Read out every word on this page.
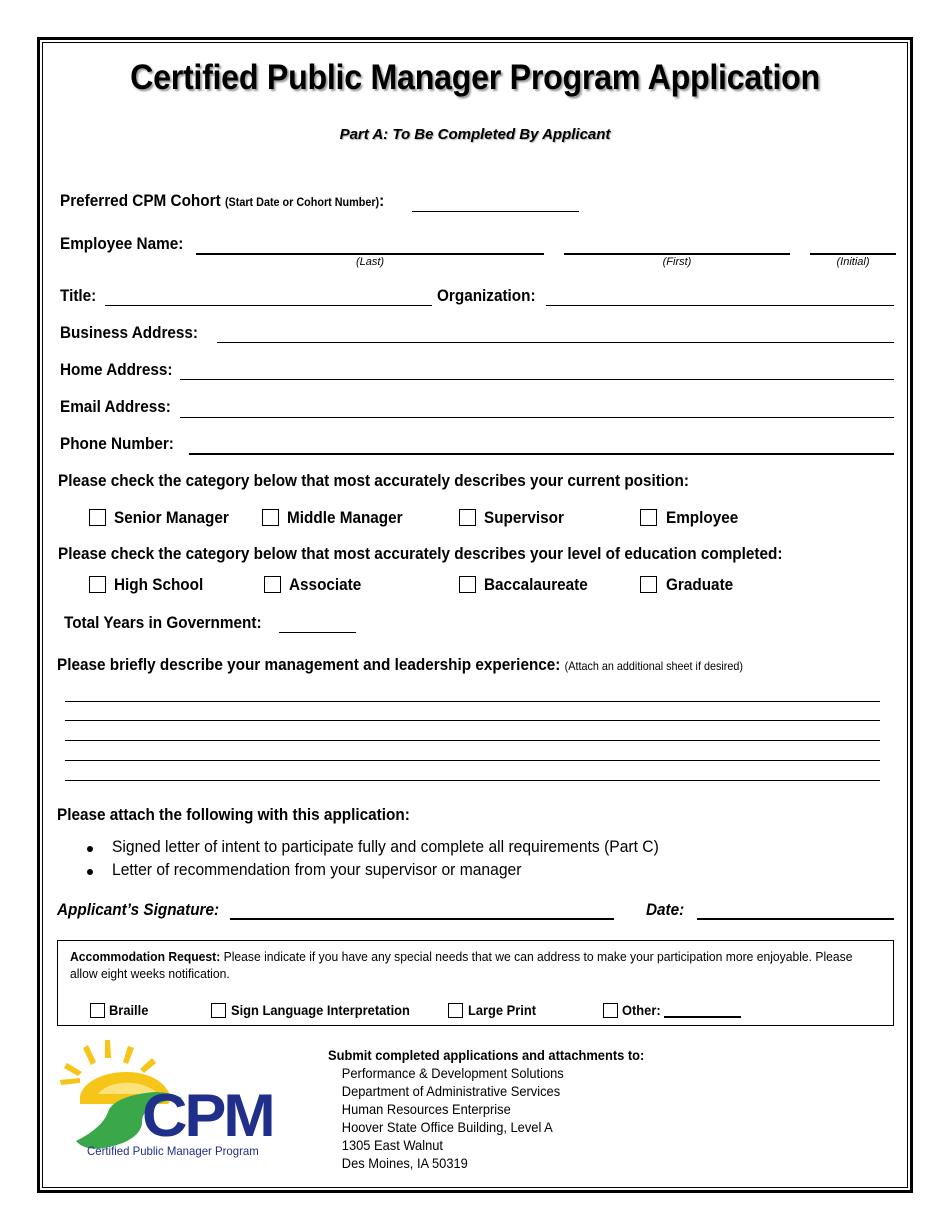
Certified Public Manager Program Application
Part A: To Be Completed By Applicant
Preferred CPM Cohort (Start Date or Cohort Number):
Employee Name:
(Last)	(First)	(Initial)
Title:	Organization:
Business Address:
Home Address:
Email Address:
Phone Number:
Please check the category below that most accurately describes your current position:
Senior Manager	Middle Manager	Supervisor	Employee
Please check the category below that most accurately describes your level of education completed:
High School	Associate	Baccalaureate	Graduate
Total Years in Government:
Please briefly describe your management and leadership experience: (Attach an additional sheet if desired)
Please attach the following with this application:
Signed letter of intent to participate fully and complete all requirements (Part C)
Letter of recommendation from your supervisor or manager
Applicant’s Signature:	Date:
Accommodation Request: Please indicate if you have any special needs that we can address to make your participation more enjoyable. Please allow eight weeks notification.
Braille	Sign Language Interpretation	Large Print	Other:
CPM
Certified Public Manager Program
Submit completed applications and attachments to:
Performance & Development Solutions
Department of Administrative Services
Human Resources Enterprise
Hoover State Office Building, Level A
1305 East Walnut
Des Moines, IA 50319
